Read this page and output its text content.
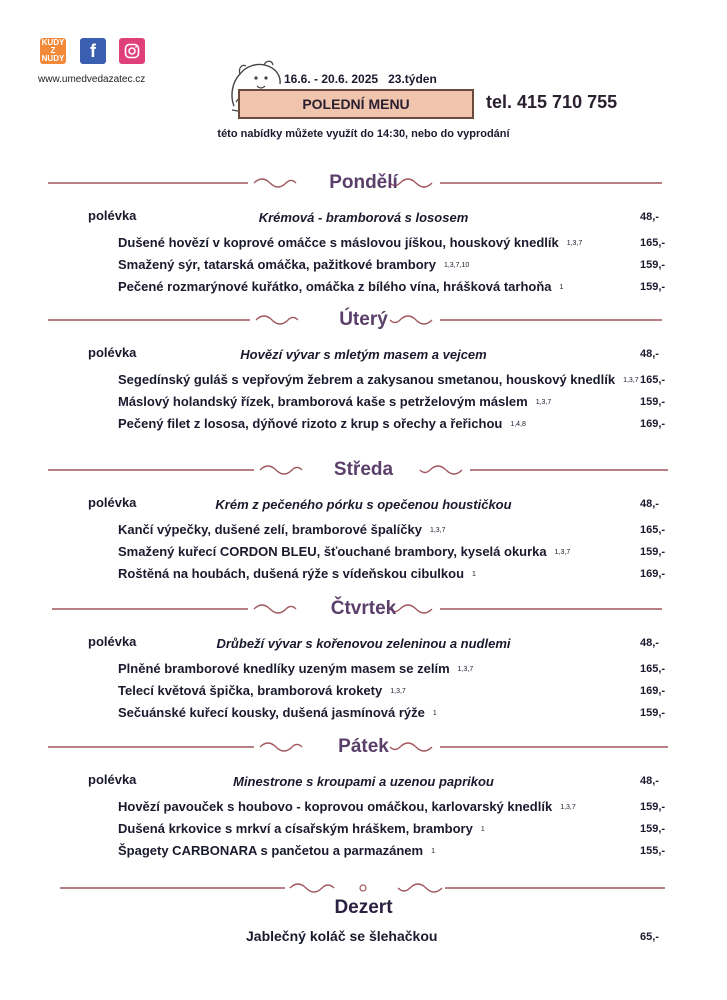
KUDY Z NUDY	f
www.umedvedazatec.cz	16.6. - 20.6. 2025 23.týden
POLEDNÍ MENU	tel. 415 710 755
této nabídky můžete využít do 14:30, nebo do vyprodání
Pondělí
polévka	Krémová - bramborová s lososem	48,-
Dušené hovězí v koprové omáčce s máslovou jíškou, houskový knedlík 1,3,7	165,-
Smažený sýr, tatarská omáčka, pažitkové brambory 1,3,7,10	159,-
Pečené rozmarýnové kuřátko, omáčka z bílého vína, hrášková tarhoňa 1	159,-
Úterý
polévka	Hovězí vývar s mletým masem a vejcem	48,-
Segedínský guláš s vepřovým žebrem a zakysanou smetanou, houskový knedlík 1,3,7 165,-
Máslový holandský řízek, bramborová kaše s petrželovým máslem 1,3,7	159,-
Pečený filet z lososa, dýňové rizoto z krup s ořechy a řeřichou 1,4,8	169,-
Středa
polévka	Krém z pečeného pórku s opečenou houstičkou	48,-
Kančí výpečky, dušené zelí, bramborové špalíčky 1,3,7	165,-
Smažený kuřecí CORDON BLEU, šťouchané brambory, kyselá okurka 1,3,7	159,-
Roštěná na houbách, dušená rýže s vídeňskou cibulkou 1	169,-
Čtvrtek
polévka	Drůbeží vývar s kořenovou zeleninou a nudlemi	48,-
Plněné bramborové knedlíky uzeným masem se zelím 1,3,7	165,-
Telecí květová špička, bramborová krokety 1,3,7	169,-
Sečuánské kuřecí kousky, dušená jasmínová rýže 1	159,-
Pátek
polévka	Minestrone s kroupami a uzenou paprikou	48,-
Hovězí pavouček s houbovo - koprovou omáčkou, karlovarský knedlík 1,3,7	159,-
Dušená krkovice s mrkví a císařským hráškem, brambory 1	159,-
Špagety CARBONARA s pančetou a parmazánem 1	155,-
Dezert
Jablečný koláč se šlehačkou	65,-
